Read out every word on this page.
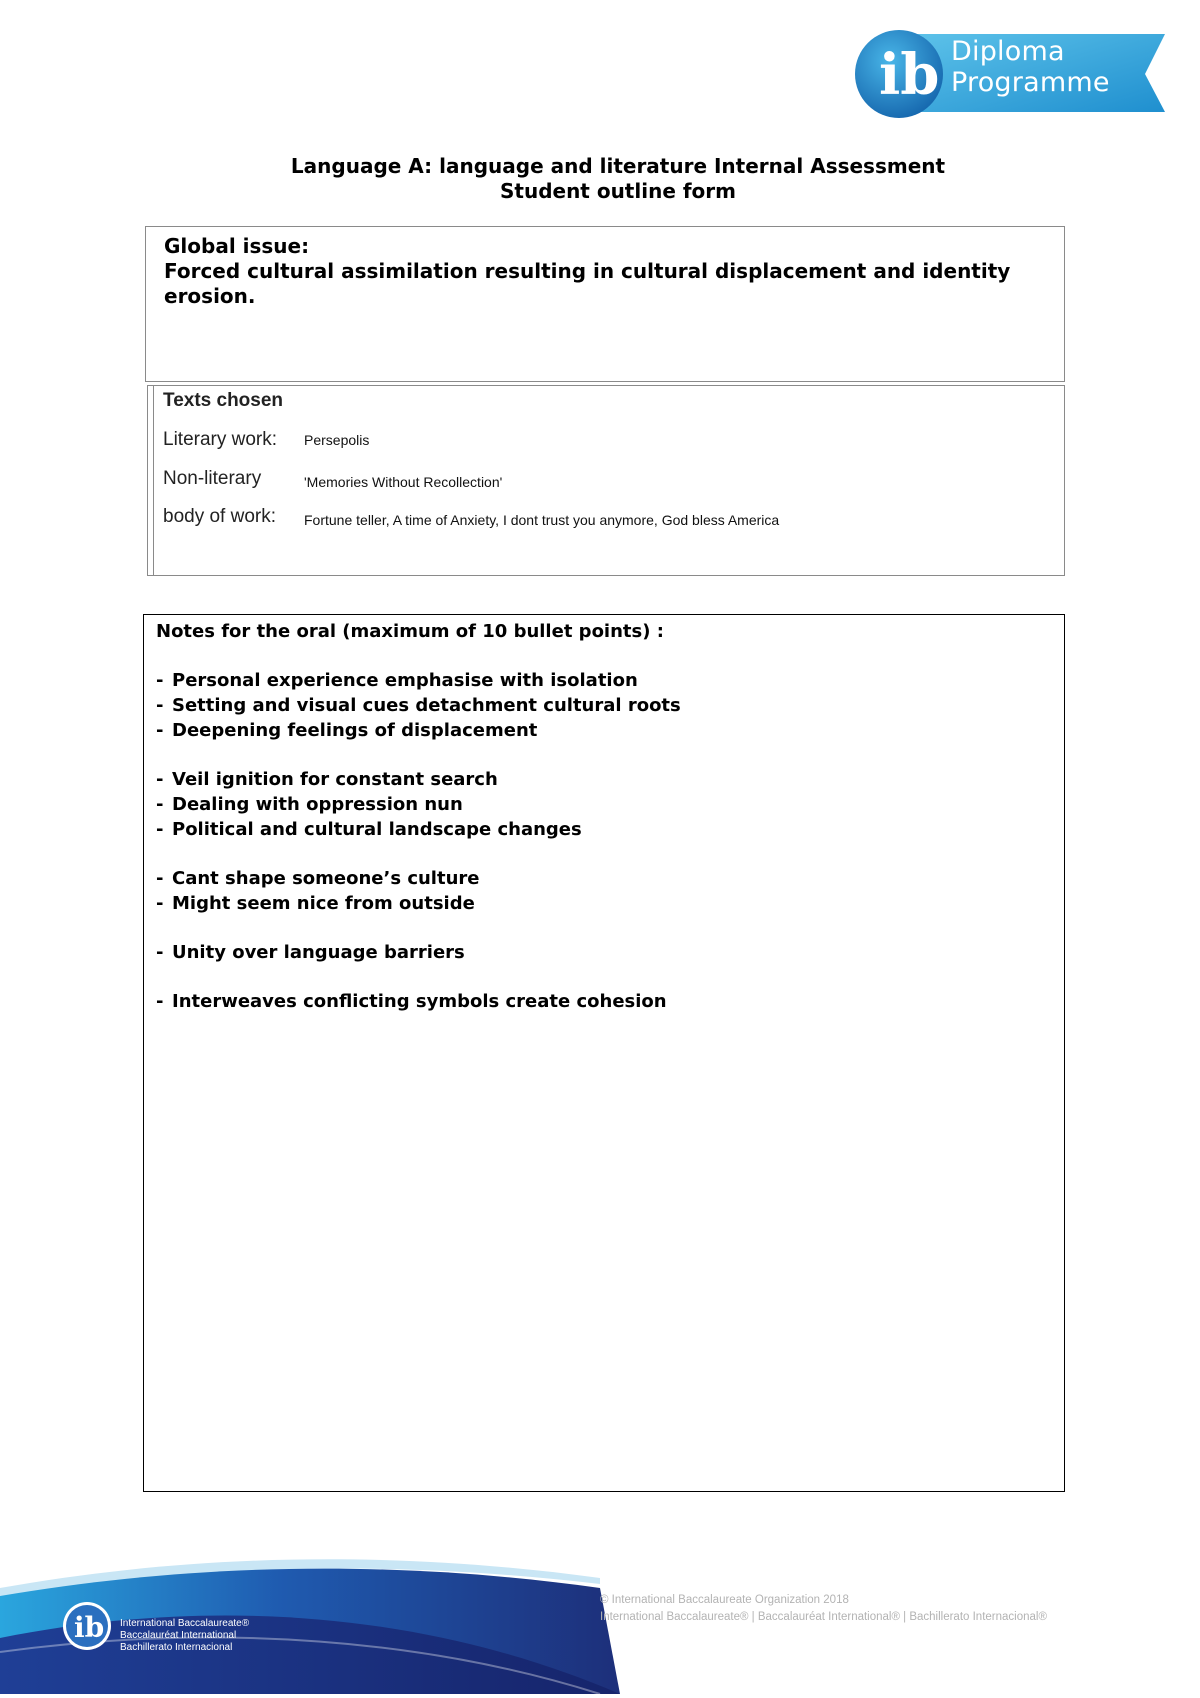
ib Diploma
Programme
Language A: language and literature Internal Assessment
Student outline form
Global issue:
Forced cultural assimilation resulting in cultural displacement and identity erosion.
Texts chosen
Literary work: Persepolis
Non-literary	'Memories Without Recollection'
body of work: Fortune teller, A time of Anxiety, I dont trust you anymore, God bless America
Notes for the oral (maximum of 10 bullet points) :
- Personal experience emphasise with isolation
- Setting and visual cues detachment cultural roots
- Deepening feelings of displacement
- Veil ignition for constant search
- Dealing with oppression nun
- Political and cultural landscape changes
- Cant shape someone’s culture
- Might seem nice from outside
- Unity over language barriers
- Interweaves conflicting symbols create cohesion
ib International Baccalaureate®
Baccalauréat International
Bachillerato Internacional
© International Baccalaureate Organization 2018
International Baccalaureate® | Baccalauréat International® | Bachillerato Internacional®
